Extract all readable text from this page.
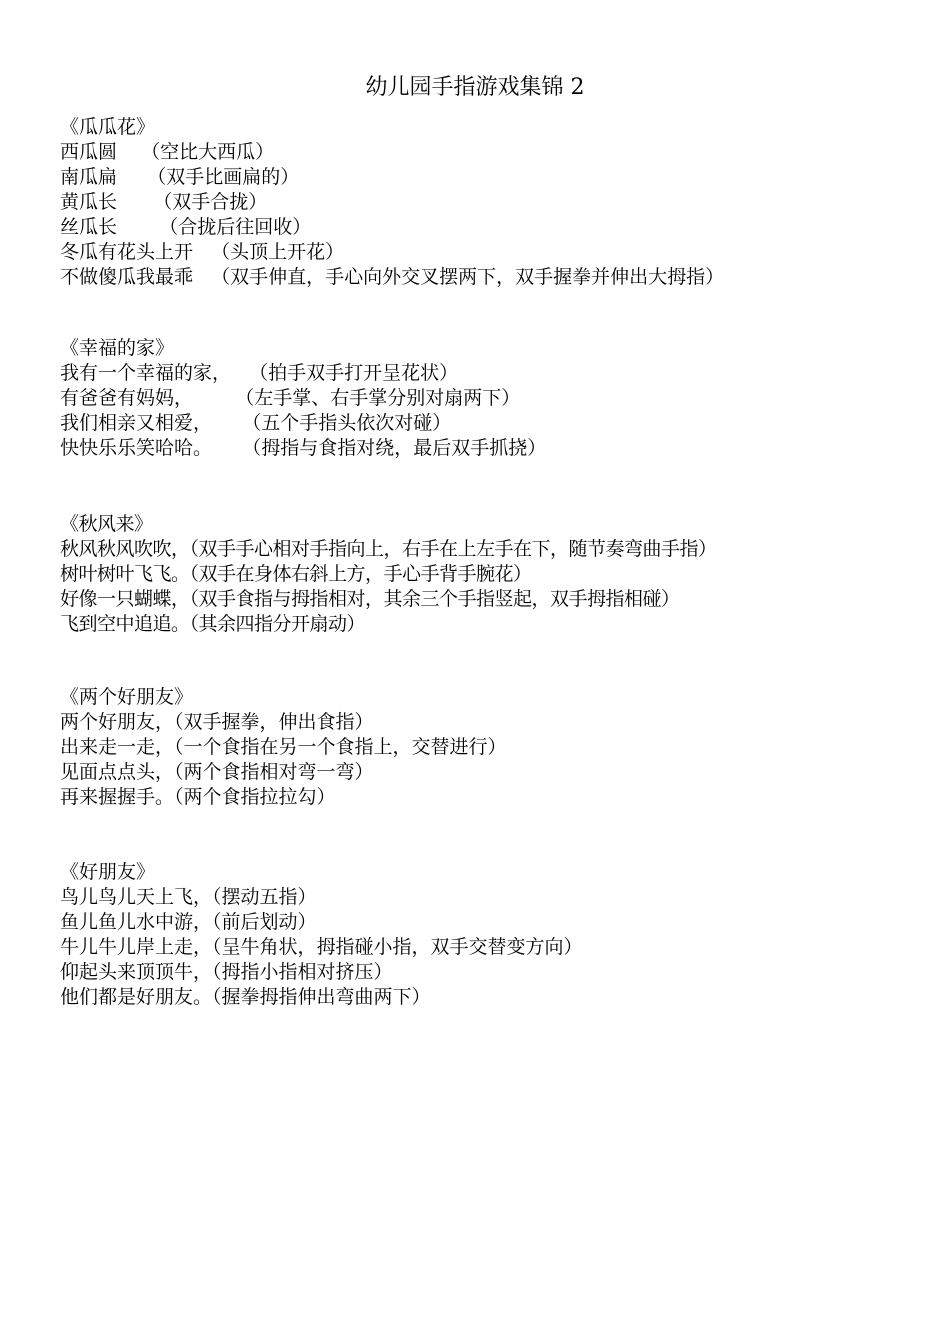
幼儿园手指游戏集锦 2
《瓜瓜花》
西瓜圆    （空比大西瓜）
南瓜扁     （双手比画扁的）
黄瓜长      （双手合拢）
丝瓜长       （合拢后往回收）
冬瓜有花头上开   （头顶上开花）
不做傻瓜我最乖   （双手伸直，手心向外交叉摆两下，双手握拳并伸出大拇指）
《幸福的家》
我有一个幸福的家，   （拍手双手打开呈花状）
有爸爸有妈妈，       （左手掌、右手掌分别对扇两下）
我们相亲又相爱，     （五个手指头依次对碰）
快快乐乐笑哈哈。     （拇指与食指对绕，最后双手抓挠）
《秋风来》
秋风秋风吹吹，（双手手心相对手指向上，右手在上左手在下，随节奏弯曲手指）
树叶树叶飞飞。（双手在身体右斜上方，手心手背手腕花）
好像一只蝴蝶，（双手食指与拇指相对，其余三个手指竖起，双手拇指相碰）
飞到空中追追。（其余四指分开扇动）
《两个好朋友》
两个好朋友，（双手握拳，伸出食指）
出来走一走，（一个食指在另一个食指上，交替进行）
见面点点头，（两个食指相对弯一弯）
再来握握手。（两个食指拉拉勾）
《好朋友》
鸟儿鸟儿天上飞，（摆动五指）
鱼儿鱼儿水中游，（前后划动）
牛儿牛儿岸上走，（呈牛角状，拇指碰小指，双手交替变方向）
仰起头来顶顶牛，（拇指小指相对挤压）
他们都是好朋友。（握拳拇指伸出弯曲两下）
